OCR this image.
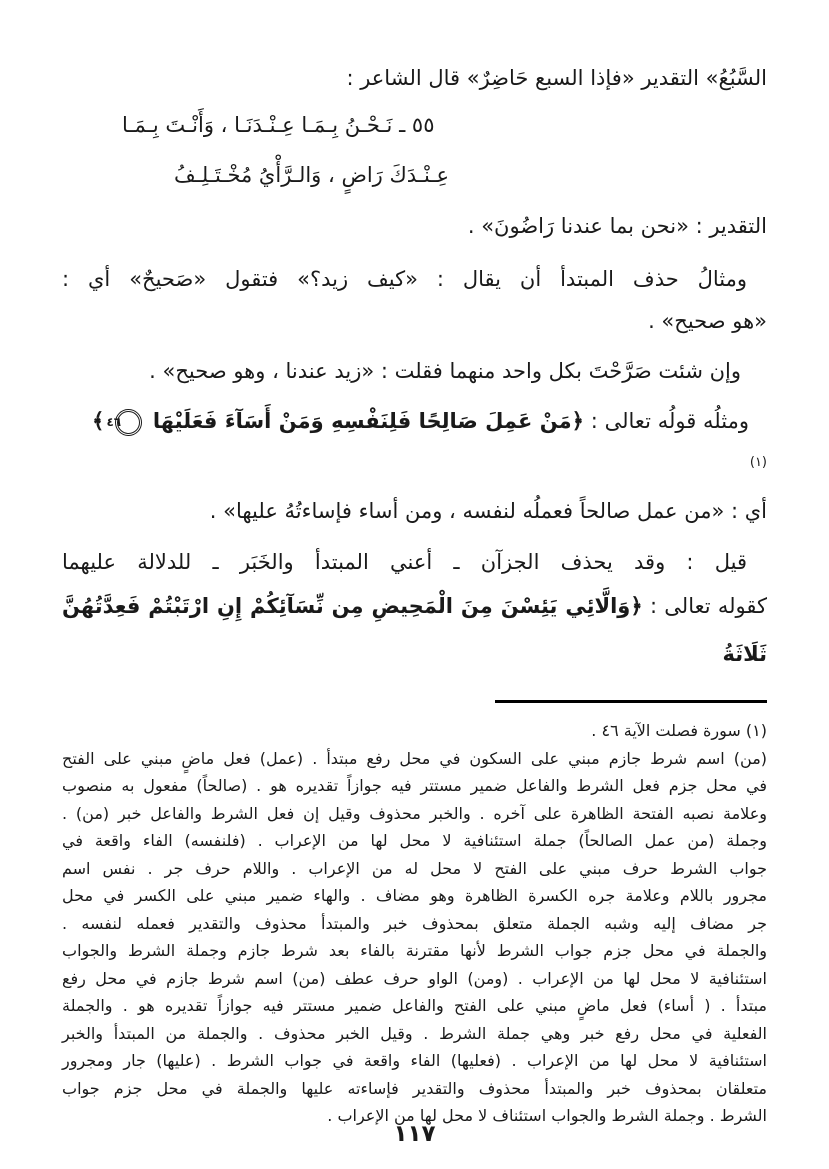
السَّبُعُ» التقدير «فإذا السبع حَاضِرٌ» قال الشاعر :
٥٥ ـ نَـحْـنُ بِـمَـا عِـنْـدَنَـا ، وَأَنْـتَ بِـمَـا
عِـنْـدَكَ رَاضٍ ، وَالـرَّأْيُ مُخْـتَـلِـفُ
التقدير : «نحن بما عندنا رَاضُونَ» .
ومثالُ حذف المبتدأ أن يقال : «كيف زيد؟» فتقول «صَحيحٌ» أي :
«هو صحيح» .
وإن شئت صَرَّحْتَ بكل واحد منهما فقلت : «زيد عندنا ، وهو صحيح» .
ومثلُه قولُه تعالى : ﴿مَنْ عَمِلَ صَالِحًا فَلِنَفْسِهِ وَمَنْ أَسَآءَ فَعَلَيْهَا ٤٦ ﴾ $^{(١)}$
أي : «من عمل صالحاً فعملُه لنفسه ، ومن أساء فإساءتُهُ عليها» .
قيل : وقد يحذف الجزآن ـ أعني المبتدأ والخَبَر ـ للدلالة عليهما
كقوله تعالى : ﴿وَالَّائِي يَئِسْنَ مِنَ الْمَحِيضِ مِن نِّسَآئِكُمْ إِنِ ارْتَبْتُمْ فَعِدَّتُهُنَّ ثَلَاثَةُ
(١) سورة فصلت الآية ٤٦ .
(من) اسم شرط جازم مبني على السكون في محل رفع مبتدأ . (عمل) فعل ماضٍ مبني على الفتح
في محل جزم فعل الشرط والفاعل ضمير مستتر فيه جوازاً تقديره هو . (صالحاً) مفعول به منصوب
وعلامة نصبه الفتحة الظاهرة على آخره . والخبر محذوف وقيل إن فعل الشرط والفاعل خبر (من) .
وجملة (من عمل الصالحاً) جملة استئنافية لا محل لها من الإعراب . (فلنفسه) الفاء واقعة في
جواب الشرط حرف مبني على الفتح لا محل له من الإعراب . واللام حرف جر . نفس اسم
مجرور باللام وعلامة جره الكسرة الظاهرة وهو مضاف . والهاء ضمير مبني على الكسر في محل
جر مضاف إليه وشبه الجملة متعلق بمحذوف خبر والمبتدأ محذوف والتقدير فعمله لنفسه .
والجملة في محل جزم جواب الشرط لأنها مقترنة بالفاء بعد شرط جازم وجملة الشرط والجواب
استئنافية لا محل لها من الإعراب . (ومن) الواو حرف عطف (من) اسم شرط جازم في محل رفع
مبتدأ . ( أساء) فعل ماضٍ مبني على الفتح والفاعل ضمير مستتر فيه جوازاً تقديره هو . والجملة
الفعلية في محل رفع خبر وهي جملة الشرط . وقيل الخبر محذوف . والجملة من المبتدأ والخبر
استئنافية لا محل لها من الإعراب . (فعليها) الفاء واقعة في جواب الشرط . (عليها) جار ومجرور
متعلقان بمحذوف خبر والمبتدأ محذوف والتقدير فإساءته عليها والجملة في محل جزم جواب
الشرط . وجملة الشرط والجواب استئناف لا محل لها من الإعراب .
١١٧
